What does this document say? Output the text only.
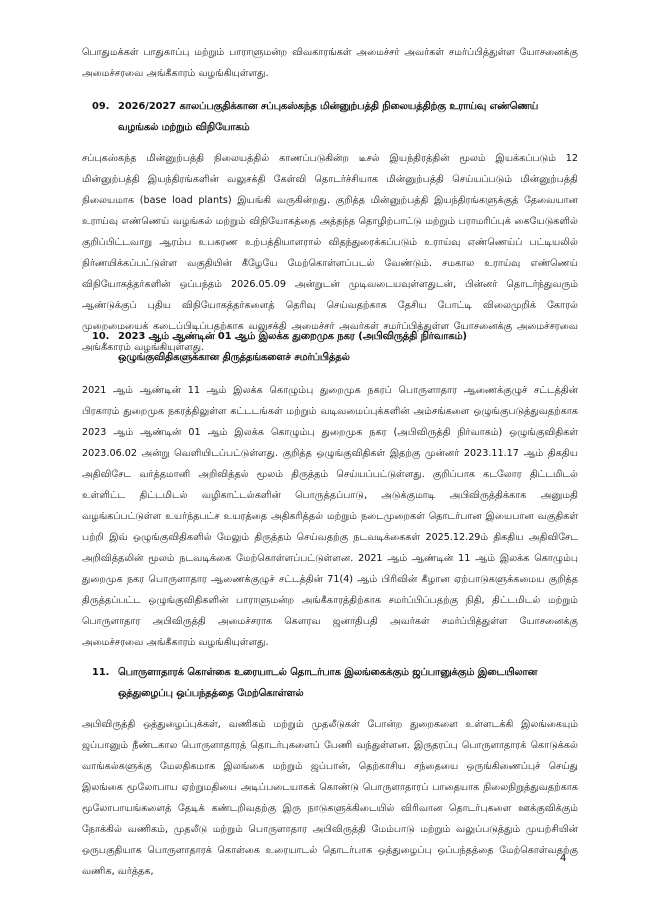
பொதுமக்கள் பாதுகாப்பு மற்றும் பாராளுமன்ற விவகாரங்கள் அமைச்சர் அவர்கள் சமர்ப்பித்துள்ள யோசனைக்கு அமைச்சரவை அங்கீகாரம் வழங்கியுள்ளது.

09. 2026/2027 காலப்பகுதிக்கான சப்புகஸ்கந்த மின்னுற்பத்தி நிலையத்திற்கு உராய்வு எண்ணெய்
வழங்கல் மற்றும் விநியோகம்

சப்புகஸ்கந்த மின்னுற்பத்தி நிலையத்தில் காணப்படுகின்ற டீசல் இயந்திரத்தின் மூலம் இயக்கப்படும் 12 மின்னுற்பத்தி இயந்திரங்களின் வலுசக்தி கேள்வி தொடர்ச்சியாக மின்னுற்பத்தி செய்யப்படும் மின்னுற்பத்தி நிலையமாக (base load plants) இயங்கி வருகின்றது. குறித்த மின்னுற்பத்தி இயந்திரங்களுக்குத் தேவையான உராய்வு எண்ணெய் வழங்கல் மற்றும் விநியோகத்தை அத்தந்த தொழிற்பாட்டு மற்றும் பராமரிப்புக் கையேடுகளில் குறிப்பிட்டவாறு ஆரம்ப உபகரண உற்பத்தியாளரால் விதந்துரைக்கப்படும் உராய்வு எண்ணெய்ப் பட்டியலில் நிர்ணயிக்கப்பட்டுள்ள வகுதியின் கீழேயே மேற்கொள்ளப்படல் வேண்டும். சமகால உராய்வு எண்ணெய் விநியோகத்தர்களின் ஒப்பந்தம் 2026.05.09 அன்றுடன் முடிவடையவுள்ளதுடன், பின்னர் தொடர்ந்துவரும் ஆண்டுக்குப் புதிய விநியோகத்தர்களைத் தெரிவு செய்வதற்காக தேசிய போட்டி விலைமுறிக் கோரல் முறைமையைக் கடைப்பிடிப்பதற்காக வலுசக்தி அமைச்சர் அவர்கள் சமர்ப்பித்துள்ள யோசனைக்கு அமைச்சரவை அங்கீகாரம் வழங்கியுள்ளது.

10. 2023 ஆம் ஆண்டின் 01 ஆம் இலக்க துறைமுக நகர (அபிவிருத்தி நிர்வாகம்)
ஒழுங்குவிதிகளுக்கான திருத்தங்களைச் சமர்ப்பித்தல்

2021 ஆம் ஆண்டின் 11 ஆம் இலக்க கொழும்பு துறைமுக நகரப் பொருளாதார ஆணைக்குழுச் சட்டத்தின் பிரகாரம் துறைமுக நகரத்திலுள்ள கட்டடங்கள் மற்றும் வடிவமைப்புக்களின் அம்சங்களை ஒழுங்குபடுத்துவதற்காக 2023 ஆம் ஆண்டின் 01 ஆம் இலக்க கொழும்பு துறைமுக நகர (அபிவிருத்தி நிர்வாகம்) ஒழுங்குவிதிகள் 2023.06.02 அன்று வெளியிடப்பட்டுள்ளது. குறித்த ஒழுங்குவிதிகள் இதற்கு முன்னர் 2023.11.17 ஆம் திகதிய அதிவிசேட வர்த்தமானி அறிவித்தல் மூலம் திருத்தம் செய்யப்பட்டுள்ளது. குறிப்பாக கடலோர திட்டமிடல் உள்ளிட்ட திட்டமிடல் வழிகாட்டல்களின் பொருத்தப்பாடு, அடுக்குமாடி அபிவிருத்திக்காக அனுமதி வழங்கப்பட்டுள்ள உயர்ந்தபட்ச உயரத்தை அதிகரித்தல் மற்றும் நடைமுறைகள் தொடர்பான இயைபான வகுதிகள் பற்றி இவ் ஒழுங்குவிதிகளில் மேலும் திருத்தம் செய்வதற்கு நடவடிக்கைகள் 2025.12.29ம் திகதிய அதிவிசேட அறிவித்தலின் மூலம் நடவடிக்கை மேற்கொள்ளப்பட்டுள்ளன. 2021 ஆம் ஆண்டின் 11 ஆம் இலக்க கொழும்பு துறைமுக நகர பொருளாதார ஆணைக்குழுச் சட்டத்தின் 71(4) ஆம் பிரிவின் கீழான ஏற்பாடுகளுக்கமைய குறித்த திருத்தப்பட்ட ஒழுங்குவிதிகளின் பாராளுமன்ற அங்கீகாரத்திற்காக சமர்ப்பிப்பதற்கு நிதி, திட்டமிடல் மற்றும் பொருளாதார அபிவிருத்தி அமைச்சராக கௌரவ ஜனாதிபதி அவர்கள் சமர்ப்பித்துள்ள யோசனைக்கு அமைச்சரவை அங்கீகாரம் வழங்கியுள்ளது.

11. பொருளாதாரக் கொள்கை உரையாடல் தொடர்பாக இலங்கைக்கும் ஜப்பானுக்கும் இடையிலான
ஒத்துழைப்பு ஒப்பந்தத்தை மேற்கொள்ளல்

அபிவிருத்தி ஒத்துழைப்புக்கள், வணிகம் மற்றும் முதலீடுகள் போன்ற துறைகளை உள்ளடக்கி இலங்கையும் ஜப்பானும் நீண்டகால பொருளாதாரத் தொடர்புகளைப் பேணி வந்துள்ளன. இருதரப்பு பொருளாதாரக் கொடுக்கல் வாங்கல்களுக்கு மேலதிகமாக இலங்கை மற்றும் ஜப்பான், தெற்காசிய சந்தையை ஒருங்கிணைப்புச் செய்து இலங்கை மூலோபாய ஏற்றுமதியை அடிப்படையாகக் கொண்டு பொருளாதாரப் பாதையாக நிலைநிறுத்துவதற்காக மூலோபாயங்களைத் தேடிக் கண்டறிவதற்கு இரு நாடுகளுக்கிடையில் விரிவான தொடர்புகளை ஊக்குவிக்கும் நோக்கில் வணிகம், முதலீடு மற்றும் பொருளாதார அபிவிருத்தி மேம்பாடு மற்றும் வலுப்படுத்தும் முயற்சியின் ஒருபகுதியாக பொருளாதாரக் கொள்கை உரையாடல் தொடர்பாக ஒத்துழைப்பு ஒப்பந்தத்தை மேற்கொள்வதற்கு வணிக, வர்த்தக,

4
